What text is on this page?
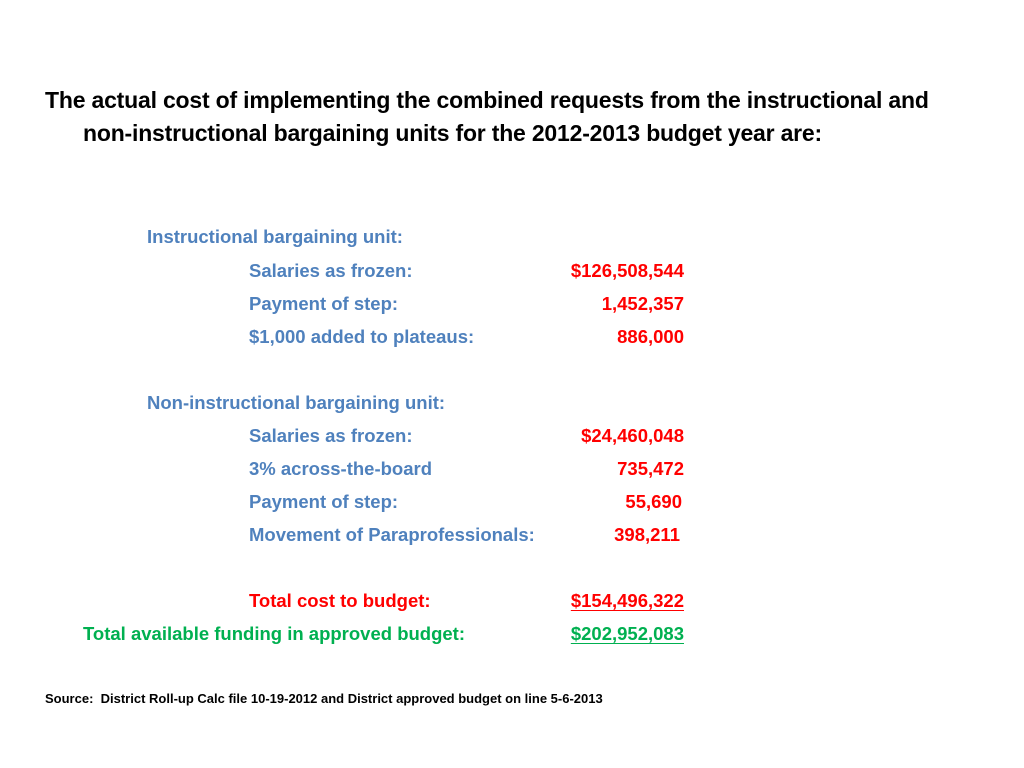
The actual cost of implementing the combined requests from the instructional and non-instructional bargaining units for the 2012-2013 budget year are:
Instructional bargaining unit:
Salaries as frozen:	$126,508,544
Payment of step:	1,452,357
$1,000 added to plateaus:	886,000
Non-instructional bargaining unit:
Salaries as frozen:	$24,460,048
3% across-the-board	735,472
Payment of step:	55,690
Movement of Paraprofessionals:	398,211
Total cost to budget:	$154,496,322
Total available funding in approved budget:	$202,952,083
Source:  District Roll-up Calc file 10-19-2012 and District approved budget on line 5-6-2013
